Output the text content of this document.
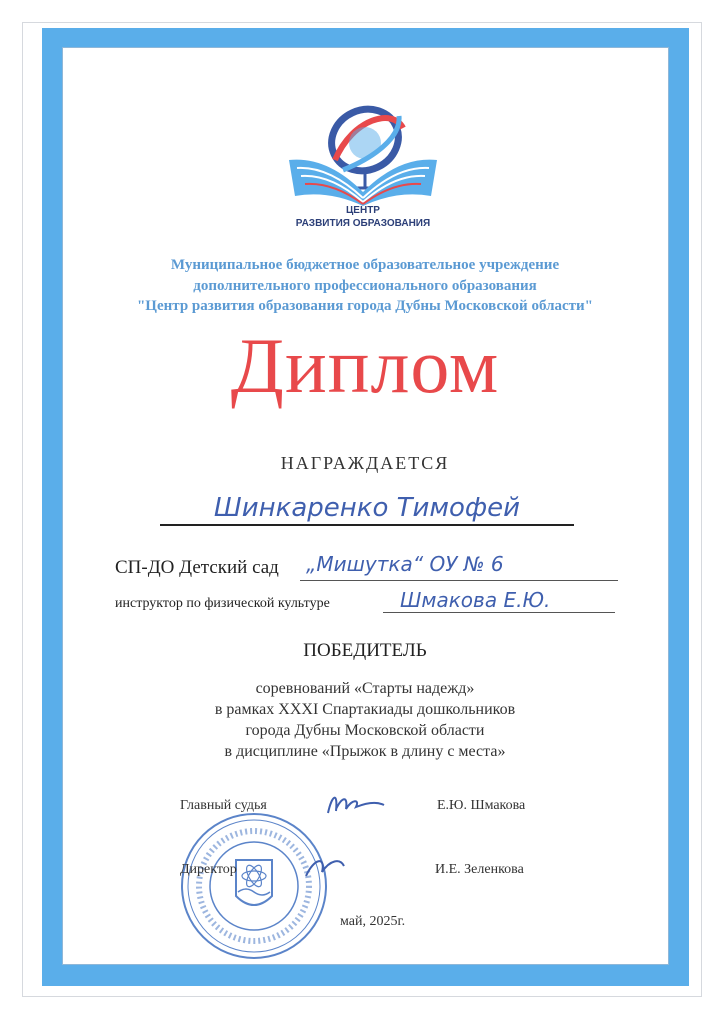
ЦЕНТР
РАЗВИТИЯ ОБРАЗОВАНИЯ
Муниципальное бюджетное образовательное учреждение
дополнительного профессионального образования
"Центр развития образования города Дубны Московской области"
Диплом
НАГРАЖДАЕТСЯ
Шинкаренко Тимофей
СП-ДО Детский сад „Мишутка“ ОУ № 6
инструктор по физической культуре	Шмакова Е.Ю.
ПОБЕДИТЕЛЬ
соревнований «Старты надежд»
в рамках XXXI Спартакиады дошкольников
города Дубны Московской области
в дисциплине «Прыжок в длину с места»
Главный судья	Е.Ю. Шмакова
Директор	И.Е. Зеленкова
май, 2025г.
